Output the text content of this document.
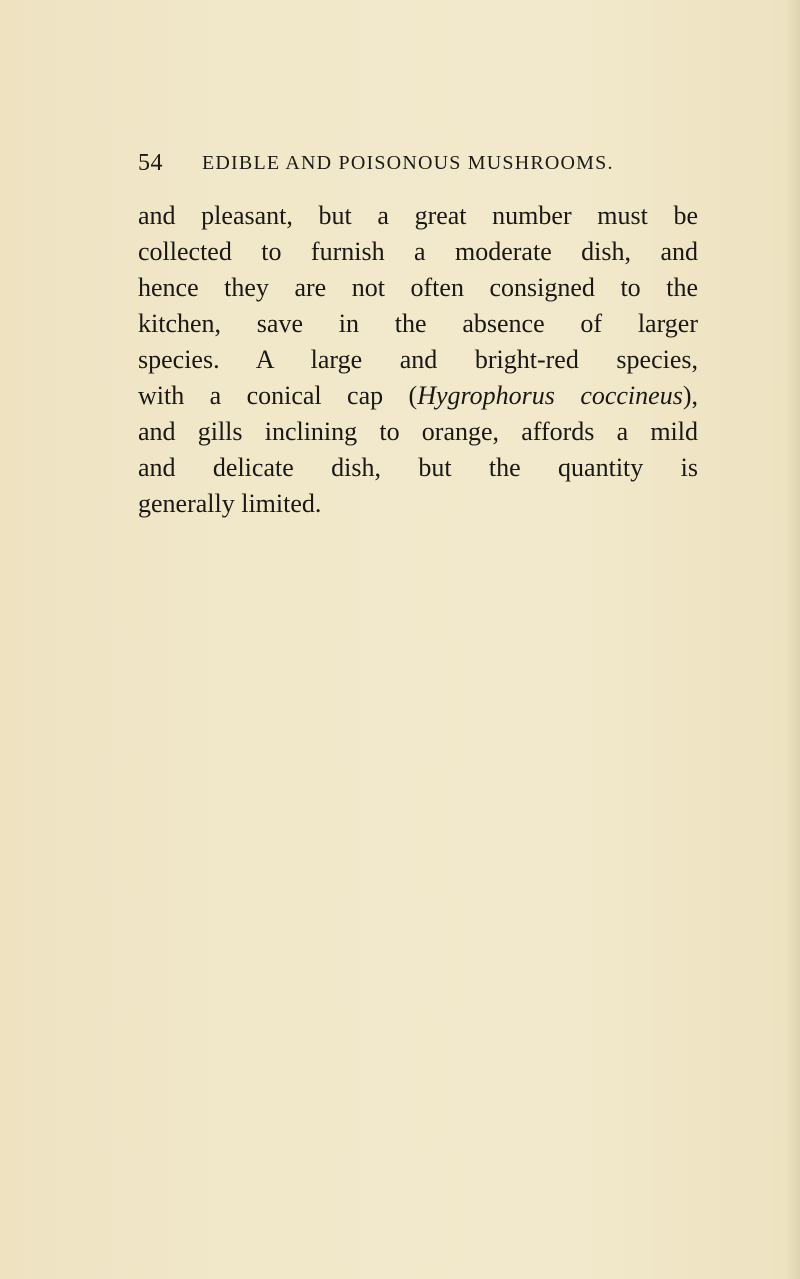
54 EDIBLE AND POISONOUS MUSHROOMS.
and pleasant, but a great number must be
collected to furnish a moderate dish, and
hence they are not often consigned to the
kitchen, save in the absence of larger
species. A large and bright-red species,
with a conical cap (Hygrophorus coccineus),
and gills inclining to orange, affords a mild
and delicate dish, but the quantity is
generally limited.
